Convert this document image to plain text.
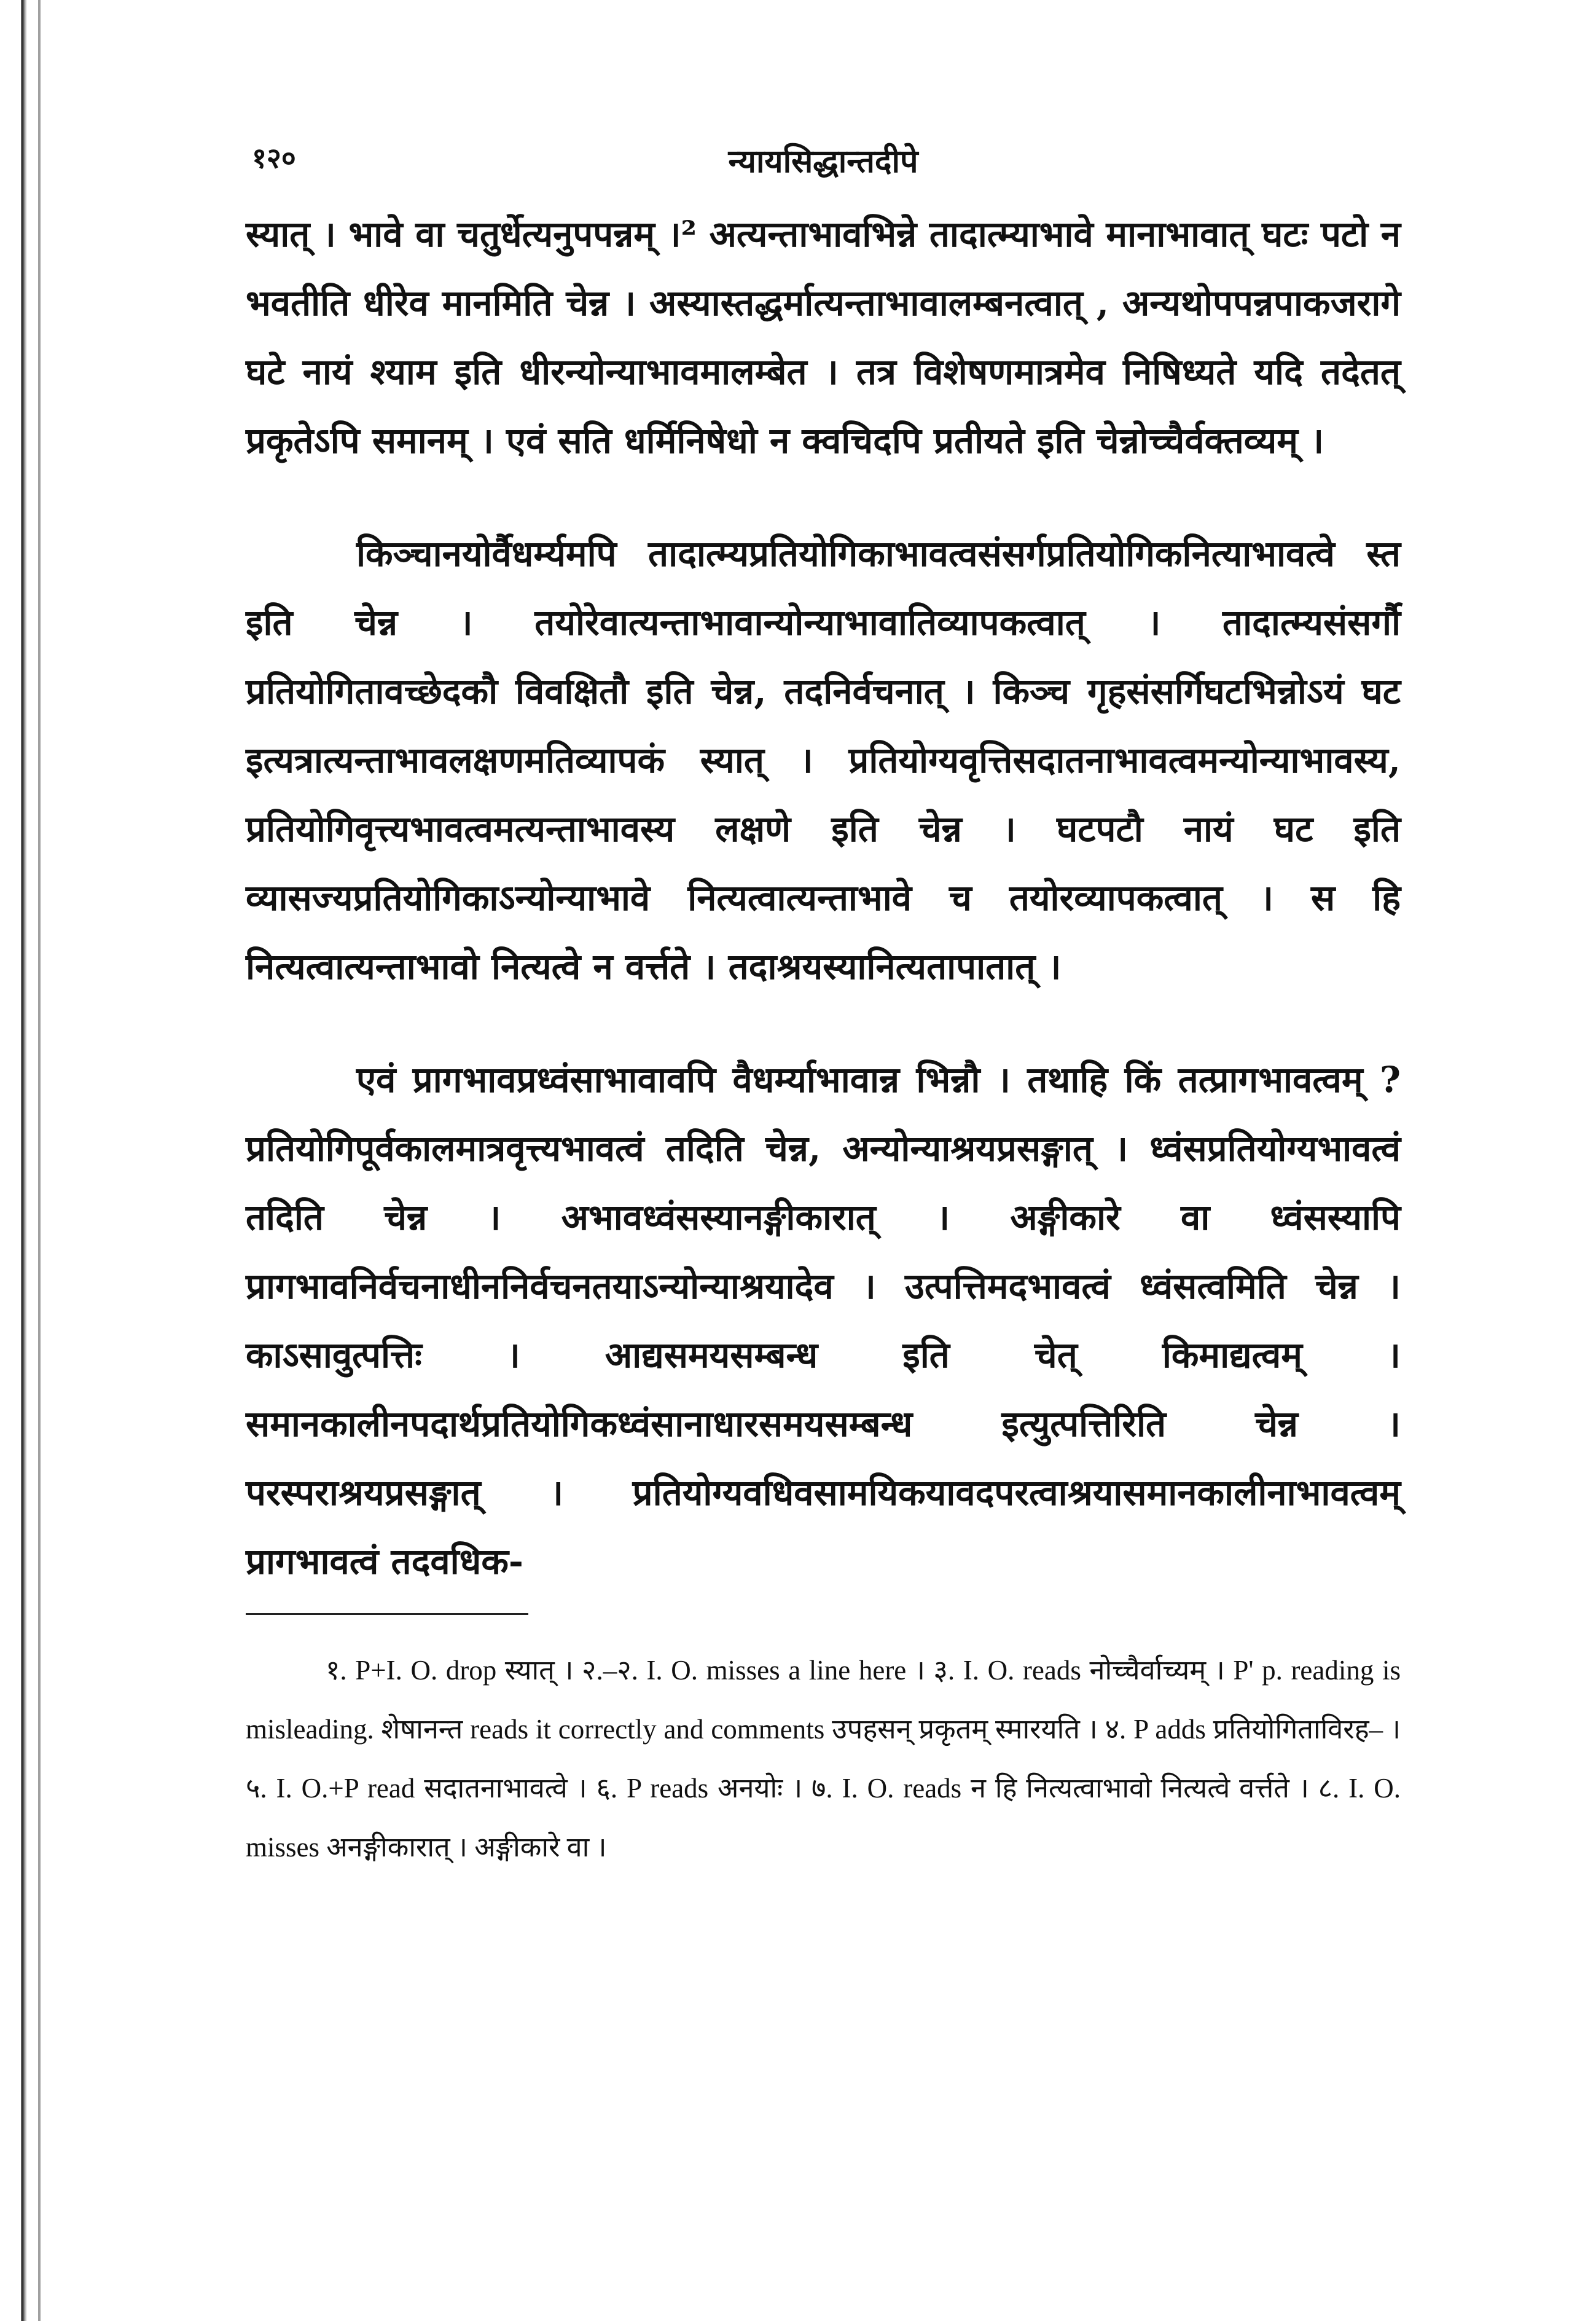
१२०	न्यायसिद्धान्तदीपे

स्यात् । भावे वा चतुर्धेत्यनुपपन्नम् ।² अत्यन्ताभावभिन्ने तादात्म्याभावे मानाभावात् घटः पटो न भवतीति धीरेव मानमिति चेन्न । अस्यास्तद्धर्मात्यन्ताभावालम्बनत्वात् , अन्यथोपपन्नपाकजरागे घटे नायं श्याम इति धीरन्योन्याभावमालम्बेत । तत्र विशेषणमात्रमेव निषिध्यते यदि तदेतत् प्रकृतेऽपि समानम् । एवं सति धर्मिनिषेधो न क्वचिदपि प्रतीयते इति चेन्नोच्चैर्वक्तव्यम् ।

किञ्चानयोर्वैधर्म्यमपि तादात्म्यप्रतियोगिकाभावत्वसंसर्गप्रतियोगिकनित्याभावत्वे स्त इति चेन्न । तयोरेवात्यन्ताभावान्योन्याभावातिव्यापकत्वात् । तादात्म्यसंसर्गौ प्रतियोगितावच्छेदकौ विवक्षितौ इति चेन्न, तदनिर्वचनात् । किञ्च गृहसंसर्गिघटभिन्नोऽयं घट इत्यत्रात्यन्ताभावलक्षणमतिव्यापकं स्यात् । प्रतियोग्यवृत्तिसदातनाभावत्वमन्योन्याभावस्य, प्रतियोगिवृत्त्यभावत्वमत्यन्ताभावस्य लक्षणे इति चेन्न । घटपटौ नायं घट इति व्यासज्यप्रतियोगिकाऽन्योन्याभावे नित्यत्वात्यन्ताभावे च तयोरव्यापकत्वात् । स हि नित्यत्वात्यन्ताभावो नित्यत्वे न वर्त्तते । तदाश्रयस्यानित्यतापातात् ।

एवं प्रागभावप्रध्वंसाभावावपि वैधर्म्याभावान्न भिन्नौ । तथाहि किं तत्प्रागभावत्वम् ? प्रतियोगिपूर्वकालमात्रवृत्त्यभावत्वं तदिति चेन्न, अन्योन्याश्रयप्रसङ्गात् । ध्वंसप्रतियोग्यभावत्वं तदिति चेन्न । अभावध्वंसस्यानङ्गीकारात् । अङ्गीकारे वा ध्वंसस्यापि प्रागभावनिर्वचनाधीननिर्वचनतयाऽन्योन्याश्रयादेव । उत्पत्तिमदभावत्वं ध्वंसत्वमिति चेन्न । काऽसावुत्पत्तिः । आद्यसमयसम्बन्ध इति चेत् किमाद्यत्वम् । समानकालीनपदार्थप्रतियोगिकध्वंसानाधारसमयसम्बन्ध इत्युत्पत्तिरिति चेन्न । परस्पराश्रयप्रसङ्गात् । प्रतियोग्यवधिवसामयिकयावदपरत्वाश्रयासमानकालीनाभावत्वम् प्रागभावत्वं तदवधिक-

१. P+I. O. drop स्यात् । २.–२. I. O. misses a line here । ३. I. O. reads नोच्चैर्वाच्यम् । P' p. reading is misleading. शेषानन्त reads it correctly and comments उपहसन् प्रकृतम् स्मारयति । ४. P adds प्रतियोगिताविरह– । ५. I. O.+P read सदातनाभावत्वे । ६. P reads अनयोः । ७. I. O. reads न हि नित्यत्वाभावो नित्यत्वे वर्त्तते । ८. I. O. misses अनङ्गीकारात् । अङ्गीकारे वा ।
